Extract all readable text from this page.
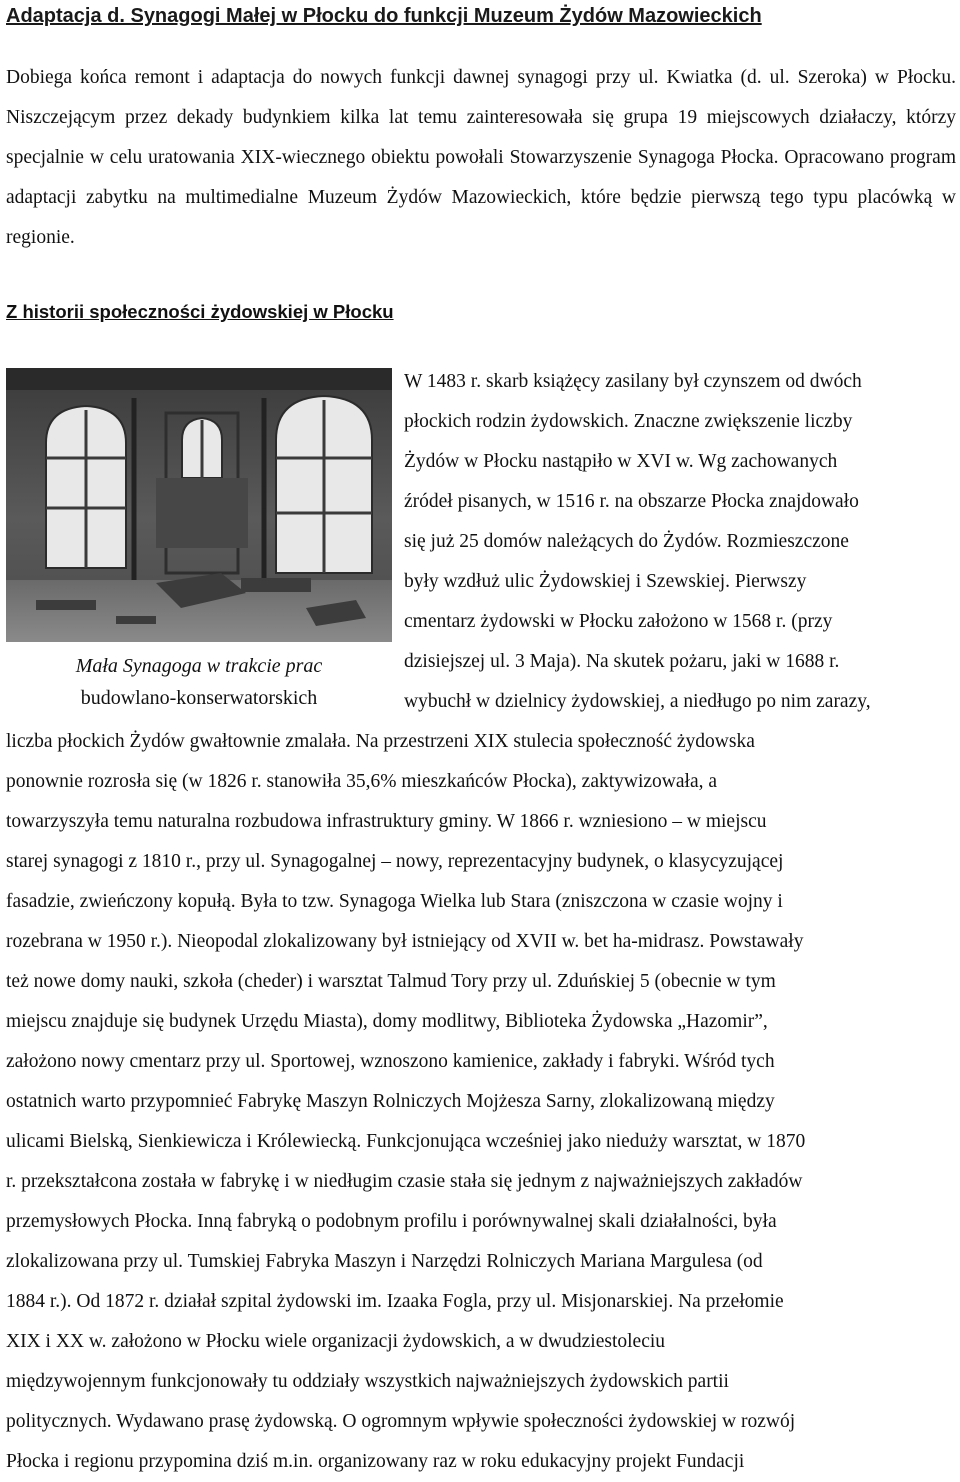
Adaptacja d. Synagogi Małej w Płocku do funkcji Muzeum Żydów Mazowieckich

Dobiega końca remont i adaptacja do nowych funkcji dawnej synagogi przy ul. Kwiatka (d. ul. Szeroka) w Płocku. Niszczejącym przez dekady budynkiem kilka lat temu zainteresowała się grupa 19 miejscowych działaczy, którzy specjalnie w celu uratowania XIX-wiecznego obiektu powołali Stowarzyszenie Synagoga Płocka. Opracowano program adaptacji zabytku na multimedialne Muzeum Żydów Mazowieckich, które będzie pierwszą tego typu placówką w regionie.

Z historii społeczności żydowskiej w Płocku
Mała Synagoga w trakcie prac
budowlano-konserwatorskich
W 1483 r. skarb książęcy zasilany był czynszem od dwóch
płockich rodzin żydowskich. Znaczne zwiększenie liczby
Żydów w Płocku nastąpiło w XVI w. Wg zachowanych
źródeł pisanych, w 1516 r. na obszarze Płocka znajdowało
się już 25 domów należących do Żydów. Rozmieszczone
były wzdłuż ulic Żydowskiej i Szewskiej. Pierwszy
cmentarz żydowski w Płocku założono w 1568 r. (przy
dzisiejszej ul. 3 Maja). Na skutek pożaru, jaki w 1688 r.
wybuchł w dzielnicy żydowskiej, a niedługo po nim zarazy,
liczba płockich Żydów gwałtownie zmalała. Na przestrzeni XIX stulecia społeczność żydowska
ponownie rozrosła się (w 1826 r. stanowiła 35,6% mieszkańców Płocka), zaktywizowała, a
towarzyszyła temu naturalna rozbudowa infrastruktury gminy. W 1866 r. wzniesiono – w miejscu
starej synagogi z 1810 r., przy ul. Synagogalnej – nowy, reprezentacyjny budynek, o klasycyzującej
fasadzie, zwieńczony kopułą. Była to tzw. Synagoga Wielka lub Stara (zniszczona w czasie wojny i
rozebrana w 1950 r.). Nieopodal zlokalizowany był istniejący od XVII w. bet ha-midrasz. Powstawały
też nowe domy nauki, szkoła (cheder) i warsztat Talmud Tory przy ul. Zduńskiej 5 (obecnie w tym
miejscu znajduje się budynek Urzędu Miasta), domy modlitwy, Biblioteka Żydowska „Hazomir”,
założono nowy cmentarz przy ul. Sportowej, wznoszono kamienice, zakłady i fabryki. Wśród tych
ostatnich warto przypomnieć Fabrykę Maszyn Rolniczych Mojżesza Sarny, zlokalizowaną między
ulicami Bielską, Sienkiewicza i Królewiecką. Funkcjonująca wcześniej jako nieduży warsztat, w 1870
r. przekształcona została w fabrykę i w niedługim czasie stała się jednym z najważniejszych zakładów
przemysłowych Płocka. Inną fabryką o podobnym profilu i porównywalnej skali działalności, była
zlokalizowana przy ul. Tumskiej Fabryka Maszyn i Narzędzi Rolniczych Mariana Margulesa (od
1884 r.). Od 1872 r. działał szpital żydowski im. Izaaka Fogla, przy ul. Misjonarskiej. Na przełomie
XIX i XX w. założono w Płocku wiele organizacji żydowskich, a w dwudziestoleciu
międzywojennym funkcjonowały tu oddziały wszystkich najważniejszych żydowskich partii
politycznych. Wydawano prasę żydowską. O ogromnym wpływie społeczności żydowskiej w rozwój
Płocka i regionu przypomina dziś m.in. organizowany raz w roku edukacyjny projekt Fundacji
